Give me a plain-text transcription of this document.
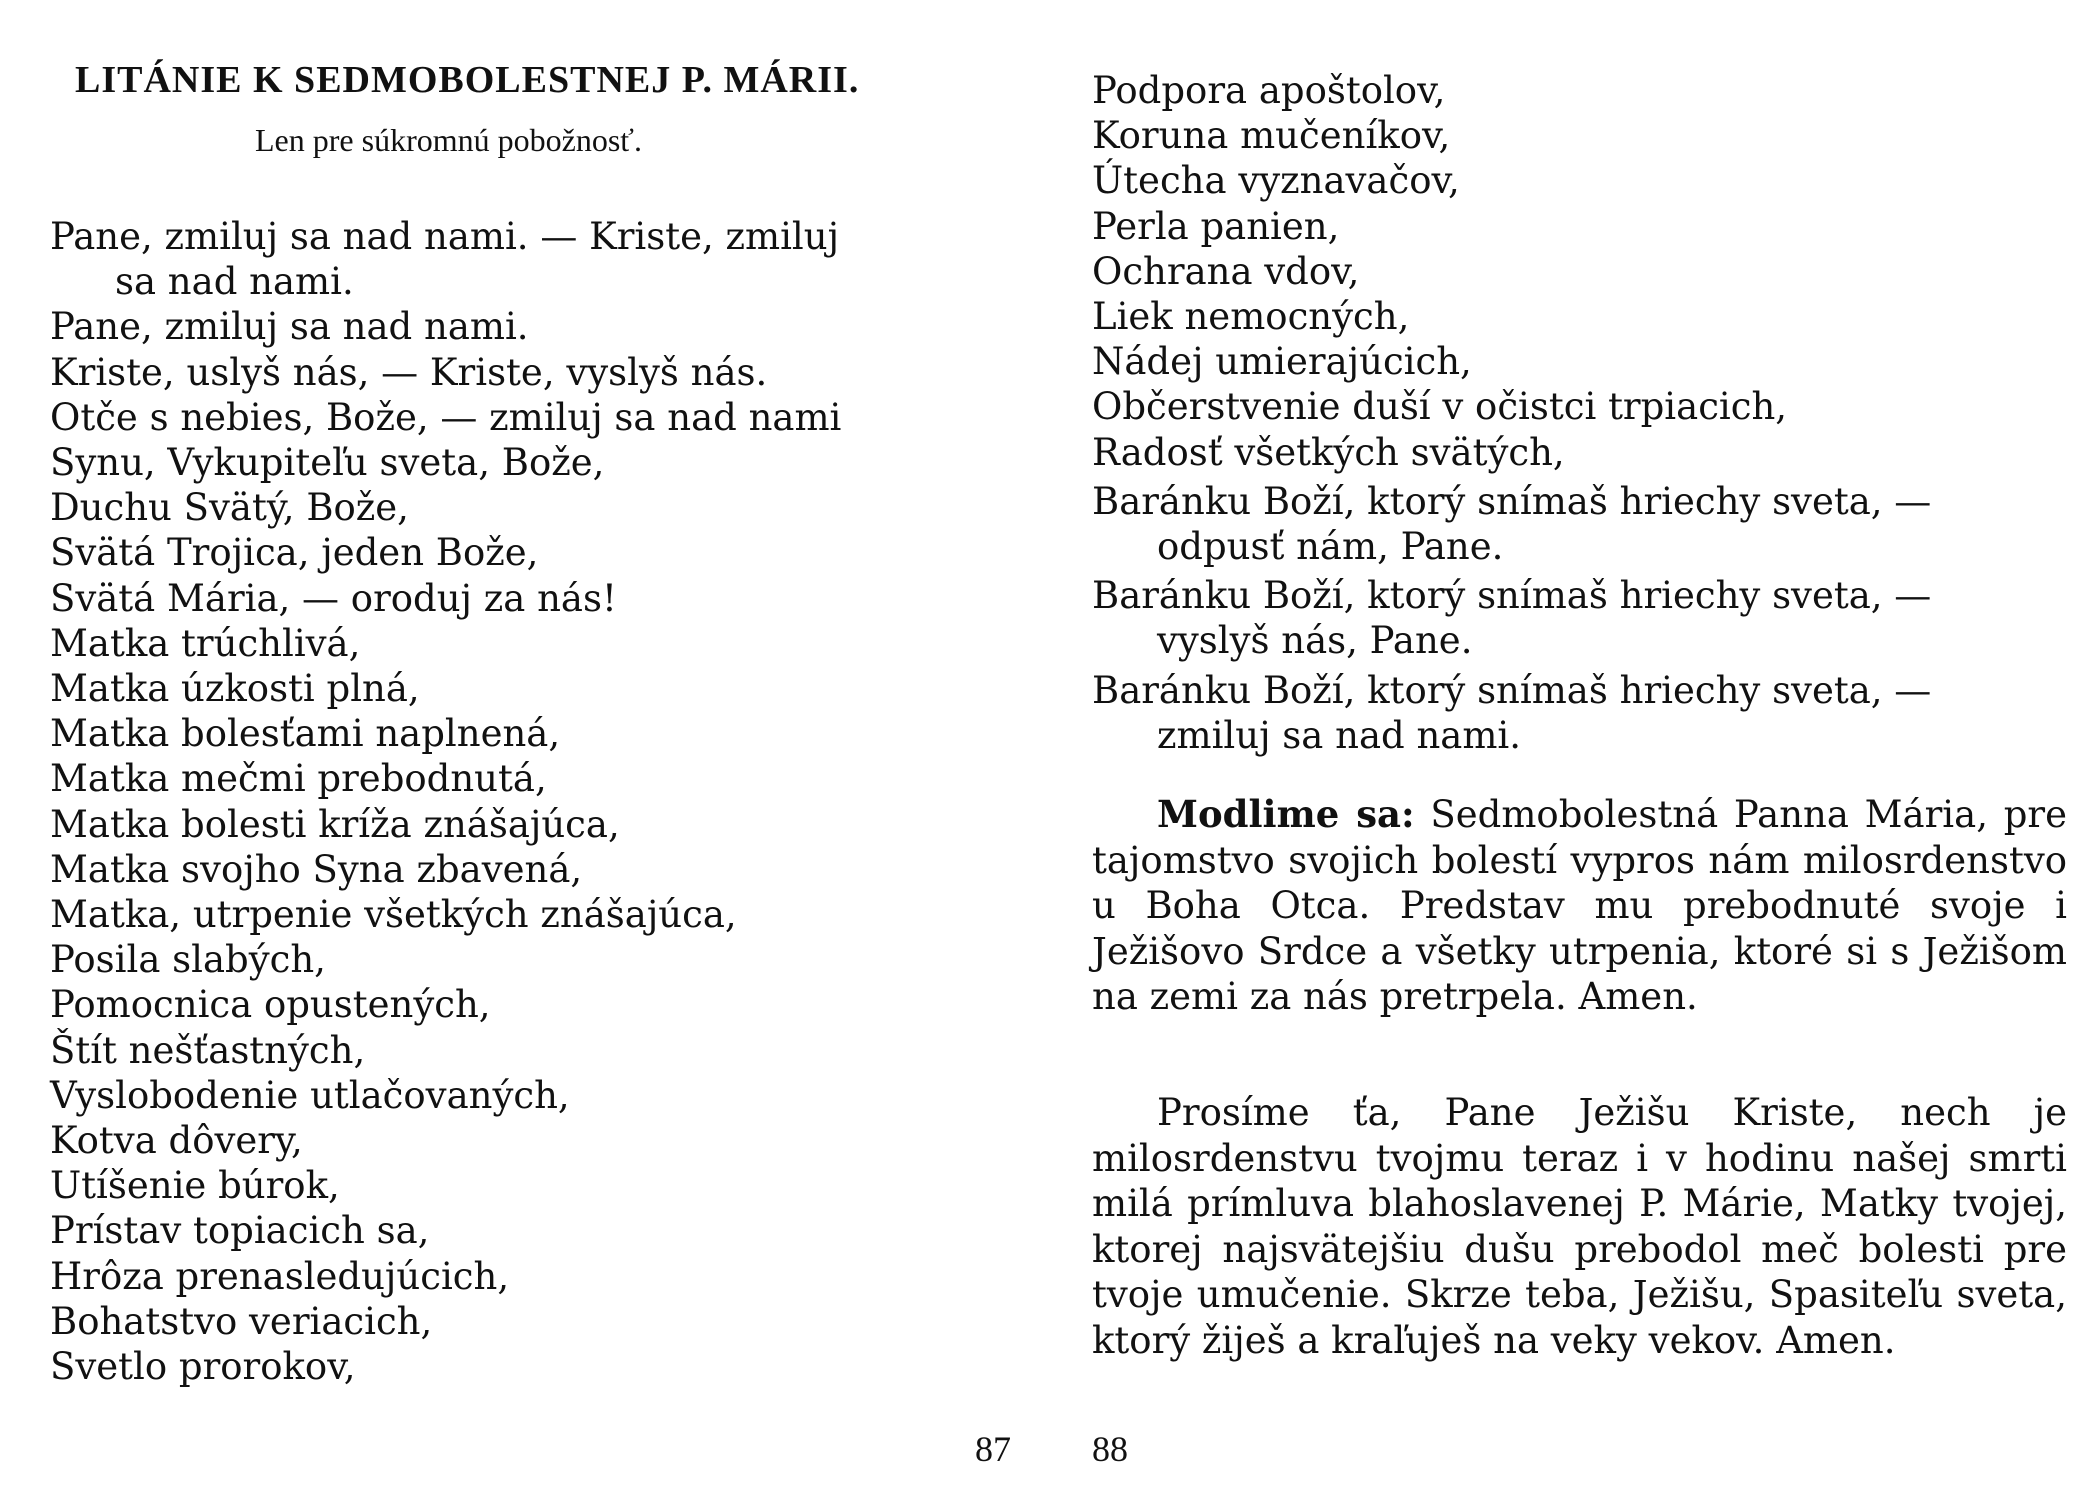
LITÁNIE K SEDMOBOLESTNEJ P. MÁRII.
Len pre súkromnú pobožnosť.
Pane, zmiluj sa nad nami. — Kriste, zmiluj
sa nad nami.
Pane, zmiluj sa nad nami.
Kriste, uslyš nás, — Kriste, vyslyš nás.
Otče s nebies, Bože, — zmiluj sa nad nami
Synu, Vykupiteľu sveta, Bože,
Duchu Svätý, Bože,
Svätá Trojica, jeden Bože,
Svätá Mária, — oroduj za nás!
Matka trúchlivá,
Matka úzkosti plná,
Matka bolesťami naplnená,
Matka mečmi prebodnutá,
Matka bolesti kríža znášajúca,
Matka svojho Syna zbavená,
Matka, utrpenie všetkých znášajúca,
Posila slabých,
Pomocnica opustených,
Štít nešťastných,
Vyslobodenie utlačovaných,
Kotva dôvery,
Utíšenie búrok,
Prístav topiacich sa,
Hrôza prenasledujúcich,
Bohatstvo veriacich,
Svetlo prorokov,
87
Podpora apoštolov,
Koruna mučeníkov,
Útecha vyznavačov,
Perla panien,
Ochrana vdov,
Liek nemocných,
Nádej umierajúcich,
Občerstvenie duší v očistci trpiacich,
Radosť všetkých svätých,
Baránku Boží, ktorý snímaš hriechy sveta, —
odpusť nám, Pane.
Baránku Boží, ktorý snímaš hriechy sveta, —
vyslyš nás, Pane.
Baránku Boží, ktorý snímaš hriechy sveta, —
zmiluj sa nad nami.
Modlime sa: Sedmobolestná Panna Mária, pre tajomstvo svojich bolestí vypros nám milosrdenstvo u Boha Otca. Predstav mu prebodnuté svoje i Ježišovo Srdce a všetky utrpenia, ktoré si s Ježišom na zemi za nás pretrpela. Amen.
Prosíme ťa, Pane Ježišu Kriste, nech je milosrdenstvu tvojmu teraz i v hodinu našej smrti milá prímluva blahoslavenej P. Márie, Matky tvojej, ktorej najsvätejšiu dušu prebodol meč bolesti pre tvoje umučenie. Skrze teba, Ježišu, Spasiteľu sveta, ktorý žiješ a kraľuješ na veky vekov. Amen.
88
